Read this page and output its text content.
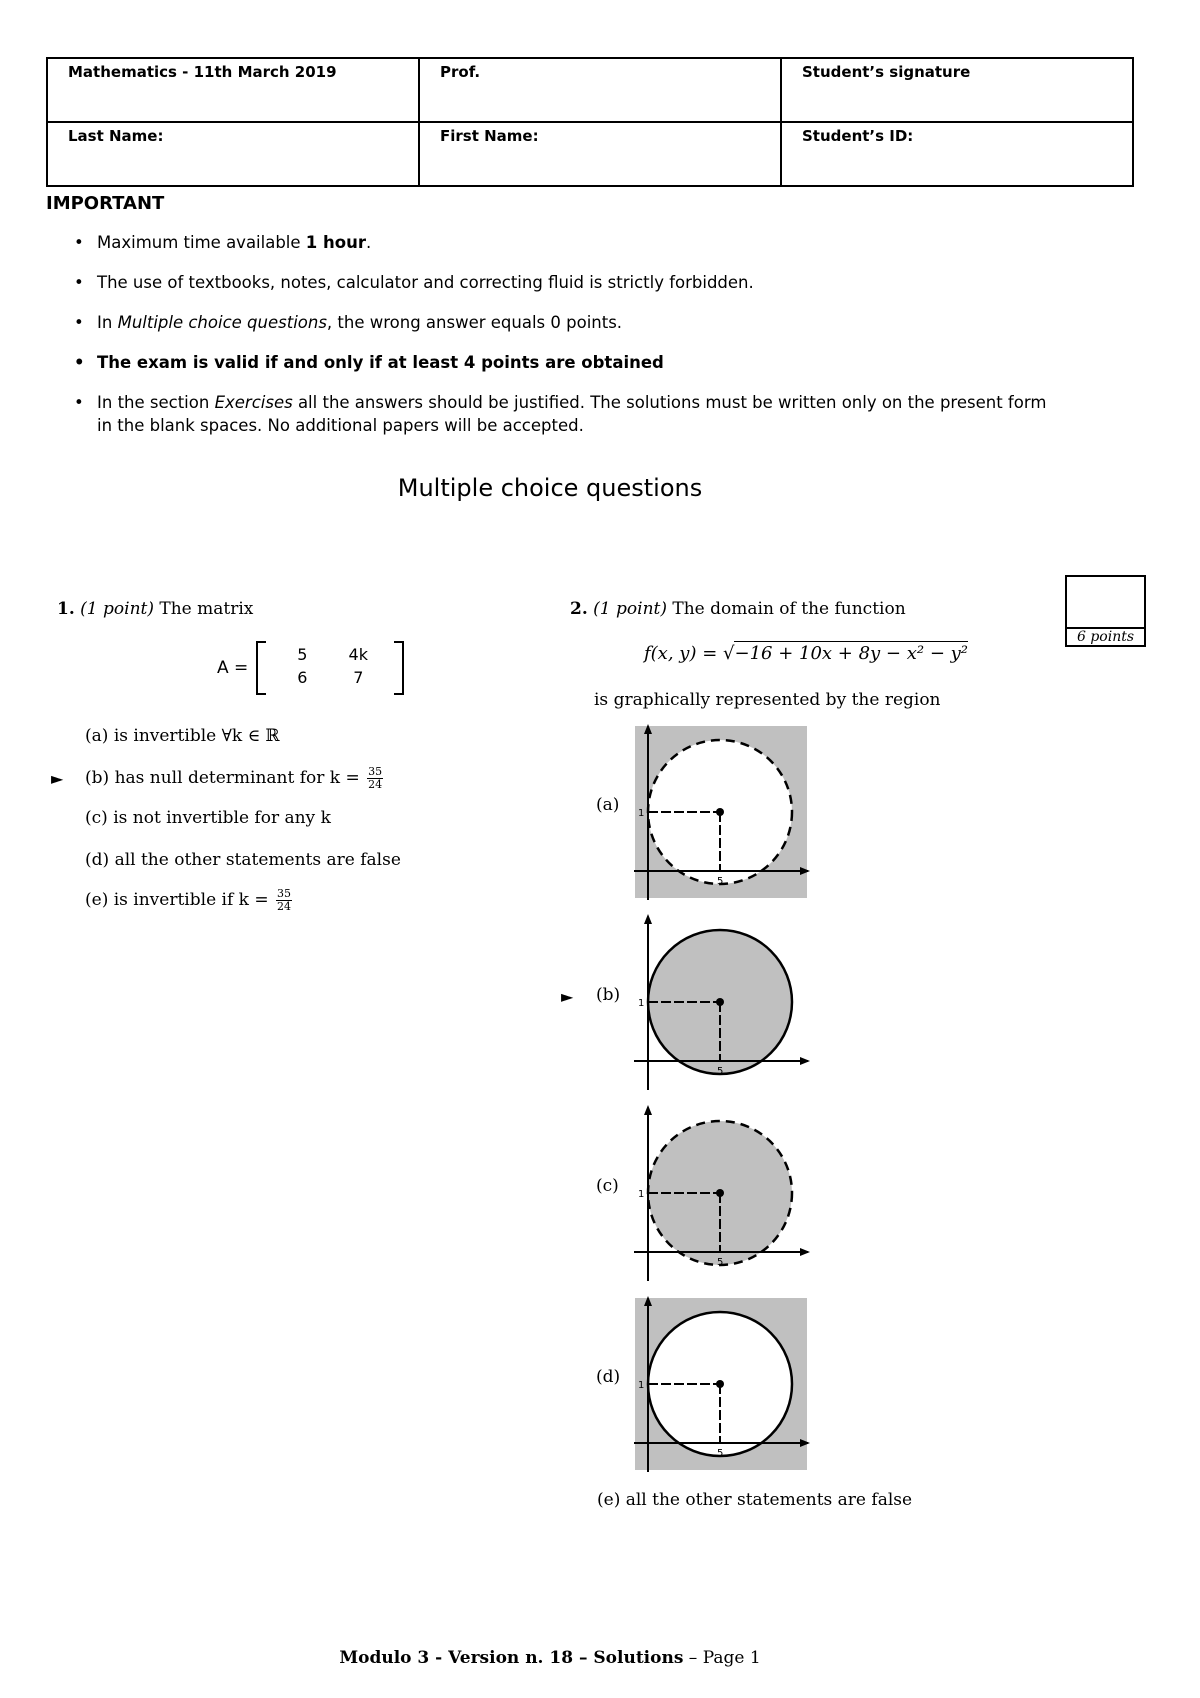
Mathematics - 11th March 2019	Prof.	Student’s signature
Last Name:	First Name:	Student’s ID:
IMPORTANT
• Maximum time available 1 hour.
• The use of textbooks, notes, calculator and correcting fluid is strictly forbidden.
• In Multiple choice questions, the wrong answer equals 0 points.
• The exam is valid if and only if at least 4 points are obtained
• In the section Exercises all the answers should be justified. The solutions must be written only on the present form in the blank spaces. No additional papers will be accepted.
Multiple choice questions
6 points
1. (1 point) The matrix
A =
5	4k
6	7
(a) is invertible ∀k ∈ ℝ
► (b) has null determinant for $k = \frac{35}{24}$
(c) is not invertible for any k
(d) all the other statements are false
(e) is invertible if $k = \frac{35}{24}$
2. (1 point) The domain of the function
f(x, y) = √−16 + 10x + 8y − x² − y²
is graphically represented by the region
(a) 1
5
(b)
►	1
5
(c) 1
5
(d) 1
5
(e) all the other statements are false
Modulo 3 - Version n. 18 – Solutions – Page 1
